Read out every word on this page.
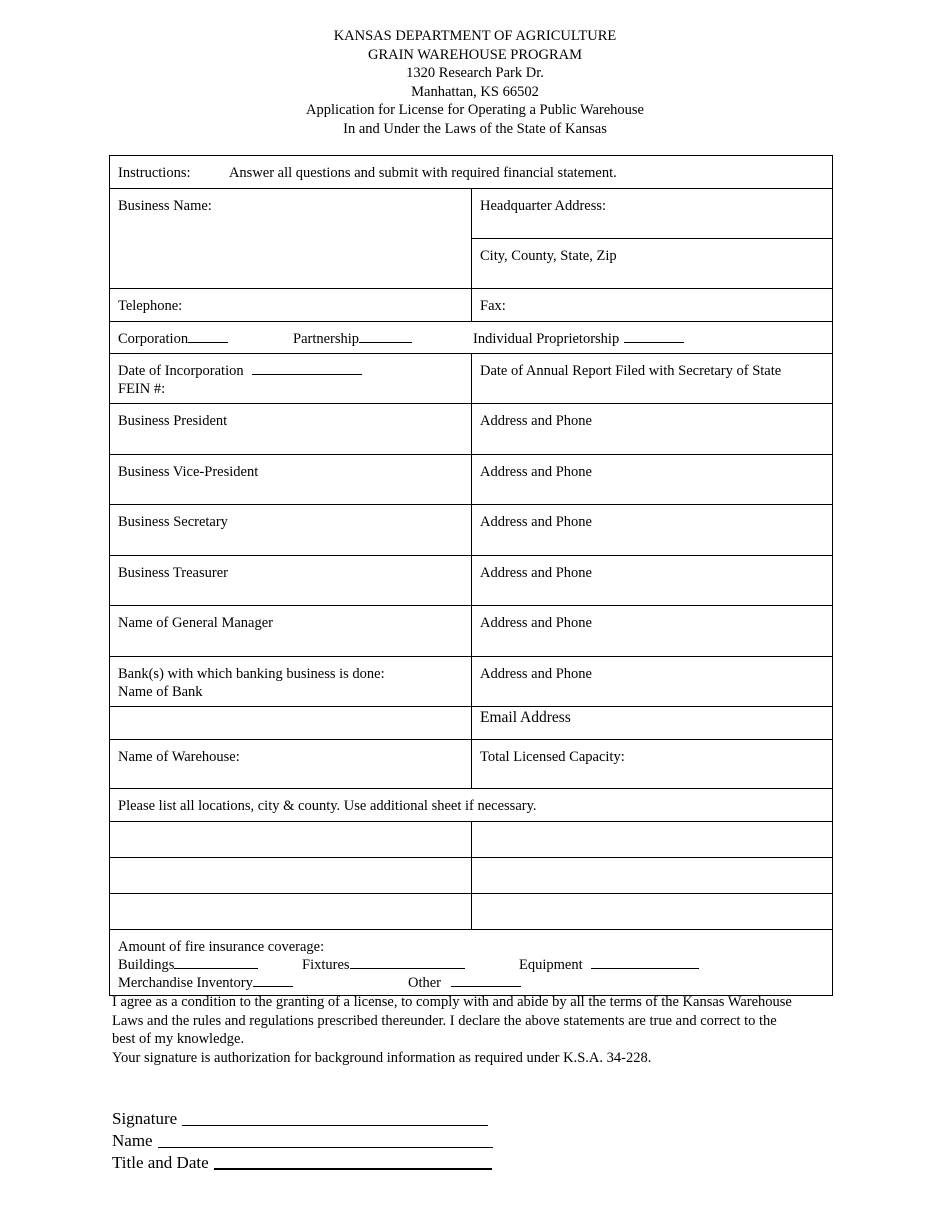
KANSAS DEPARTMENT OF AGRICULTURE
GRAIN WAREHOUSE PROGRAM
1320 Research Park Dr.
Manhattan, KS 66502
Application for License for Operating a Public Warehouse
In and Under the Laws of the State of Kansas
Instructions:	Answer all questions and submit with required financial statement.
Business Name:	Headquarter Address:
City, County, State, Zip
Telephone:	Fax:
Corporation	Partnership	Individual Proprietorship
Date of Incorporation
FEIN #:
Date of Annual Report Filed with Secretary of State
Business President	Address and Phone
Business Vice-President	Address and Phone
Business Secretary	Address and Phone
Business Treasurer	Address and Phone
Name of General Manager	Address and Phone
Bank(s) with which banking business is done:
Name of Bank
Address and Phone
Email Address
Name of Warehouse:	Total Licensed Capacity:
Please list all locations, city & county. Use additional sheet if necessary.
Amount of fire insurance coverage:
Buildings	Fixtures	Equipment
Merchandise Inventory	Other
I agree as a condition to the granting of a license, to comply with and abide by all the terms of the Kansas Warehouse
Laws and the rules and regulations prescribed thereunder. I declare the above statements are true and correct to the
best of my knowledge.
Your signature is authorization for background information as required under K.S.A. 34-228.
Signature
Name
Title and Date
